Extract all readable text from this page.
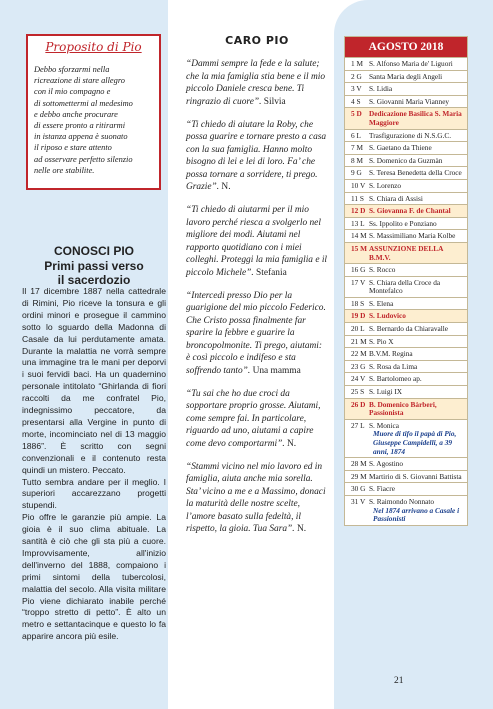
Proposito di Pio

Debbo sforzarmi nella
ricreazione di stare allegro
con il mio compagno e
di sottomettermi al medesimo
e debbo anche procurare
di essere pronto a ritirarmi
in istanza appena è suonato
il riposo e stare attento
ad osservare perfetto silenzio
nelle ore stabilite.

CONOSCI PIO
Primi passi verso
il sacerdozio

Il 17 dicembre 1887 nella cattedrale di Rimini, Pio riceve la tonsura e gli ordini minori e prosegue il cammino sotto lo sguardo della Madonna di Casale da lui perdutamente amata. Durante la malattia ne vorrà sempre una immagine tra le mani per deporvi i suoi fervidi baci. Ha un quadernino personale intitolato “Ghirlanda di fiori raccolti da me confratel Pio, indegnissimo peccatore, da presentarsi alla Vergine in punto di morte, incominciato nel di 13 maggio 1886”. È scritto con segni convenzionali e il contenuto resta quindi un mistero. Peccato.

Tutto sembra andare per il meglio. I superiori accarezzano progetti stupendi.

Pio offre le garanzie più ampie. La gioia è il suo clima abituale. La santità è ciò che gli sta più a cuore. Improvvisamente, all'inizio dell'inverno del 1888, compaiono i primi sintomi della tubercolosi, malattia del secolo. Alla visita militare Pio viene dichiarato inabile perché “troppo stretto di petto”. È alto un metro e settantacinque e questo lo fa apparire ancora più esile.

CARO PIO

“Dammi sempre la fede e la salute; che la mia famiglia stia bene e il mio piccolo Daniele cresca bene. Ti ringrazio di cuore”. Silvia

“Ti chiedo di aiutare la Roby, che possa guarire e tornare presto a casa con la sua famiglia. Hanno molto bisogno di lei e lei di loro. Fa’ che possa tornare a sorridere, ti prego. Grazie”. N.

“Ti chiedo di aiutarmi per il mio lavoro perché riesca a svolgerlo nel migliore dei modi. Aiutami nel rapporto quotidiano con i miei colleghi. Proteggi la mia famiglia e il piccolo Michele”. Stefania

“Intercedi presso Dio per la guarigione del mio piccolo Federico. Che Cristo possa finalmente far sparire la febbre e guarire la broncopolmonite. Ti prego, aiutami: è così piccolo e indifeso e sta soffrendo tanto”. Una mamma

“Tu sai che ho due croci da sopportare proprio grosse. Aiutami, come sempre fai. In particolare, riguardo ad uno, aiutami a capire come devo comportarmi”. N.

“Stammi vicino nel mio lavoro ed in famiglia, aiuta anche mia sorella. Sta’ vicino a me e a Massimo, donaci la maturità delle nostre scelte, l’amore basato sulla fedeltà, il rispetto, la gioia. Tua Sara”. N.

AGOSTO 2018
1 M S. Alfonso Maria de' Liguori
2 G Santa Maria degli Angeli
3 V	S. Lidia
4 S	S. Giovanni Maria Vianney
5 D Dedicazione Basilica S. Maria Maggiore
6 L	Trasfigurazione di N.S.G.C.
7 M S. Gaetano da Thiene
8 M S. Domenico da Guzmàn
9 G S. Teresa Benedetta della Croce
10 V S. Lorenzo
11 S S. Chiara di Assisi
12 D S. Giovanna F. de Chantal
13 L Ss. Ippolito e Ponziano
14 M S. Massimiliano Maria Kolbe
15 M ASSUNZIONE DELLA B.M.V.
16 G S. Rocco
17 V S. Chiara della Croce da Montefalco
18 S S. Elena
19 D S. Ludovico
20 L S. Bernardo da Chiaravalle
21 M S. Pio X
22 M B.V.M. Regina
23 G S. Rosa da Lima
24 V S. Bartolomeo ap.
25 S S. Luigi IX
26 D B. Domenico Bàrberi, Passionista
27 L S. Monica
Muore di tifo il papà di Pio, Giuseppe Campidelli, a 39 anni, 1874
28 M S. Agostino
29 M Martirio di S. Giovanni Battista
30 G S. Fiacre
31 V S. Raimondo Nonnato
Nel 1874 arrivano a Casale i Passionisti
21
